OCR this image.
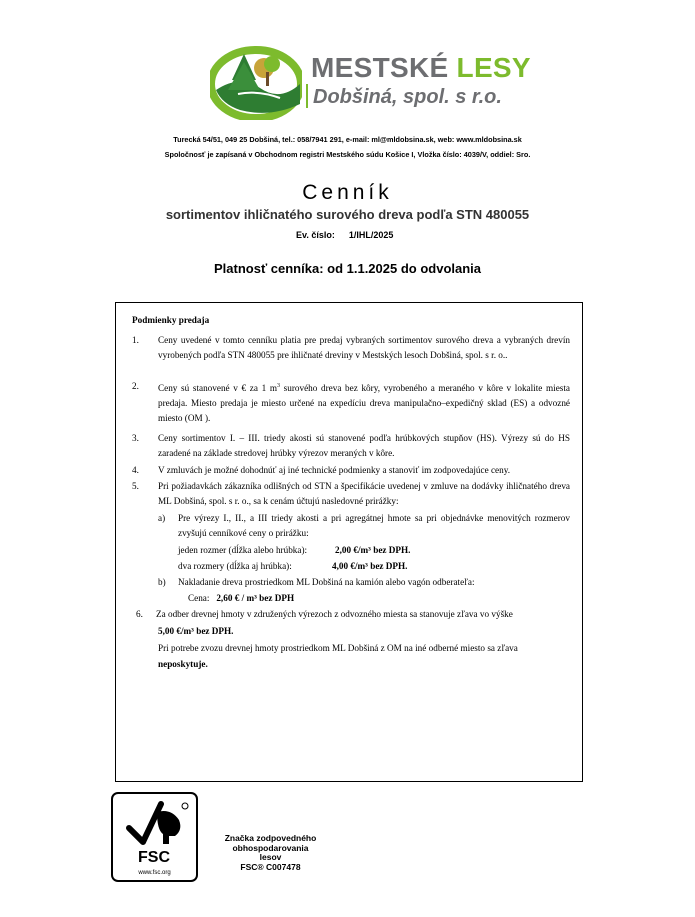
MESTSKÉ LESY
Dobšiná, spol. s r.o.
Turecká 54/51, 049 25 Dobšiná, tel.: 058/7941 291, e-mail: ml@mldobsina.sk, web: www.mldobsina.sk
Spoločnosť je zapísaná v Obchodnom registri Mestského súdu Košice I, Vložka číslo: 4039/V, oddiel: Sro.
Cenník
sortimentov ihličnatého surového dreva podľa STN 480055
Ev. číslo: 1/IHL/2025
Platnosť cenníka: od 1.1.2025 do odvolania
Podmienky predaja
1. Ceny uvedené v tomto cenníku platia pre predaj vybraných sortimentov surového dreva a vybraných drevín vyrobených podľa STN 480055 pre ihličnaté dreviny v Mestských lesoch Dobšiná, spol. s r. o..
2. Ceny sú stanovené v € za 1 $m^3$ surového dreva bez kôry, vyrobeného a meraného v kôre v lokalite miesta predaja. Miesto predaja je miesto určené na expedíciu dreva manipulačno–expedičný sklad (ES) a odvozné miesto (OM ).
3. Ceny sortimentov I. – III. triedy akosti sú stanovené podľa hrúbkových stupňov (HS). Výrezy sú do HS zaradené na základe stredovej hrúbky výrezov meraných v kôre.
4. V zmluvách je možné dohodnúť aj iné technické podmienky a stanoviť im zodpovedajúce ceny.
5. Pri požiadavkách zákazníka odlišných od STN a špecifikácie uvedenej v zmluve na dodávky ihličnatého dreva ML Dobšiná, spol. s r. o., sa k cenám účtujú nasledovné prirážky:
a) Pre výrezy I., II., a III triedy akosti a pri agregátnej hmote sa pri objednávke menovitých rozmerov zvyšujú cenníkové ceny o prirážku:
jeden rozmer (dĺžka alebo hrúbka):	2,00 €/m³ bez DPH.
dva rozmery (dĺžka aj hrúbka):	4,00 €/m³ bez DPH.
b) Nakladanie dreva prostriedkom ML Dobšiná na kamión alebo vagón odberateľa:
Cena: 2,60 € / m³ bez DPH
6. Za odber drevnej hmoty v združených výrezoch z odvozného miesta sa stanovuje zľava vo výške
5,00 €/m³ bez DPH.
Pri potrebe zvozu drevnej hmoty prostriedkom ML Dobšiná z OM na iné odberné miesto sa zľava
neposkytuje.
FSC
www.fsc.org
Značka zodpovedného
obhospodarovania
lesov
FSC® C007478
